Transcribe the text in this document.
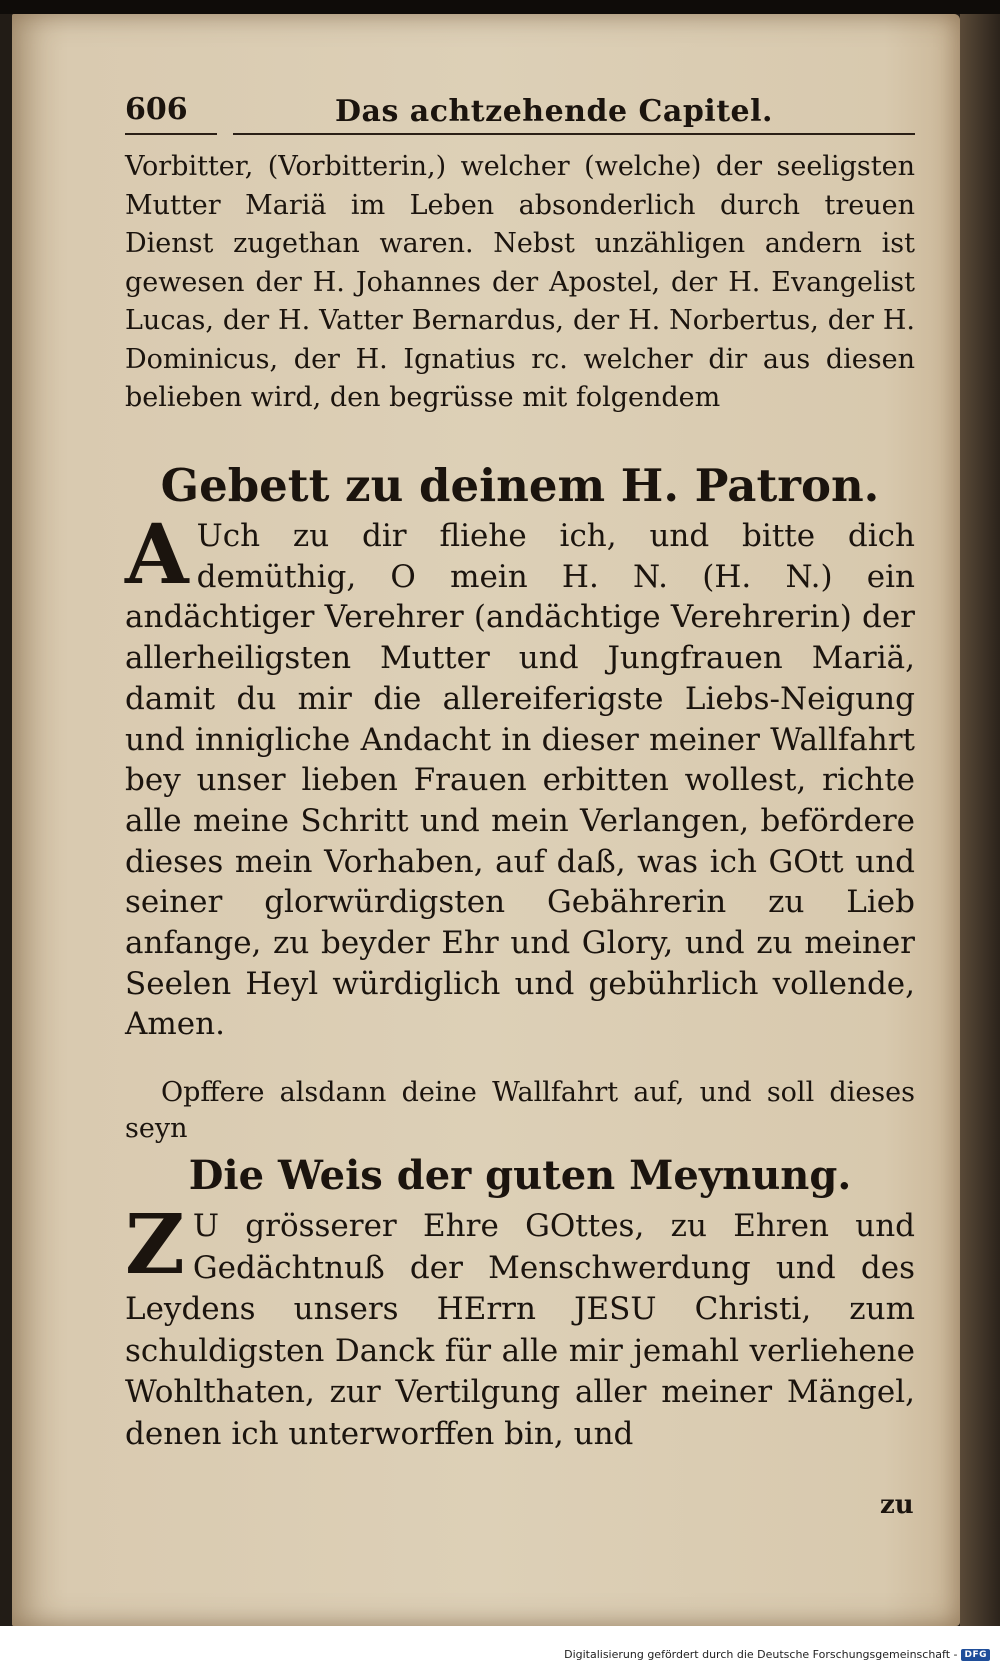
606	Das achtzehende Capitel.
Vorbitter, (Vorbitterin,) welcher (welche) der seeligsten Mutter Mariä im Leben absonderlich durch treuen Dienst zugethan waren. Nebst unzähligen andern ist gewesen der H. Johannes der Apostel, der H. Evangelist Lucas, der H. Vatter Bernardus, der H. Norbertus, der H. Dominicus, der H. Ignatius rc. welcher dir aus diesen belieben wird, den begrüsse mit folgendem
Gebett zu deinem H. Patron.
A Uch zu dir fliehe ich, und bitte dich demüthig, O mein H. N. (H. N.) ein andächtiger Verehrer (andächtige Verehrerin) der allerheiligsten Mutter und Jungfrauen Mariä, damit du mir die allereiferigste Liebs-Neigung und innigliche Andacht in dieser meiner Wallfahrt bey unser lieben Frauen erbitten wollest, richte alle meine Schritt und mein Verlangen, befördere dieses mein Vorhaben, auf daß, was ich GOtt und seiner glorwürdigsten Gebährerin zu Lieb anfange, zu beyder Ehr und Glory, und zu meiner Seelen Heyl würdiglich und gebührlich vollende, Amen.
Opffere alsdann deine Wallfahrt auf, und soll dieses seyn
Die Weis der guten Meynung.
Z U grösserer Ehre GOttes, zu Ehren und Gedächtnuß der Menschwerdung und des Leydens unsers HErrn JESU Christi, zum schuldigsten Danck für alle mir jemahl verliehene Wohlthaten, zur Vertilgung aller meiner Mängel, denen ich unterworffen bin, und
zu
Digitalisierung gefördert durch die Deutsche Forschungsgemeinschaft - DFG
